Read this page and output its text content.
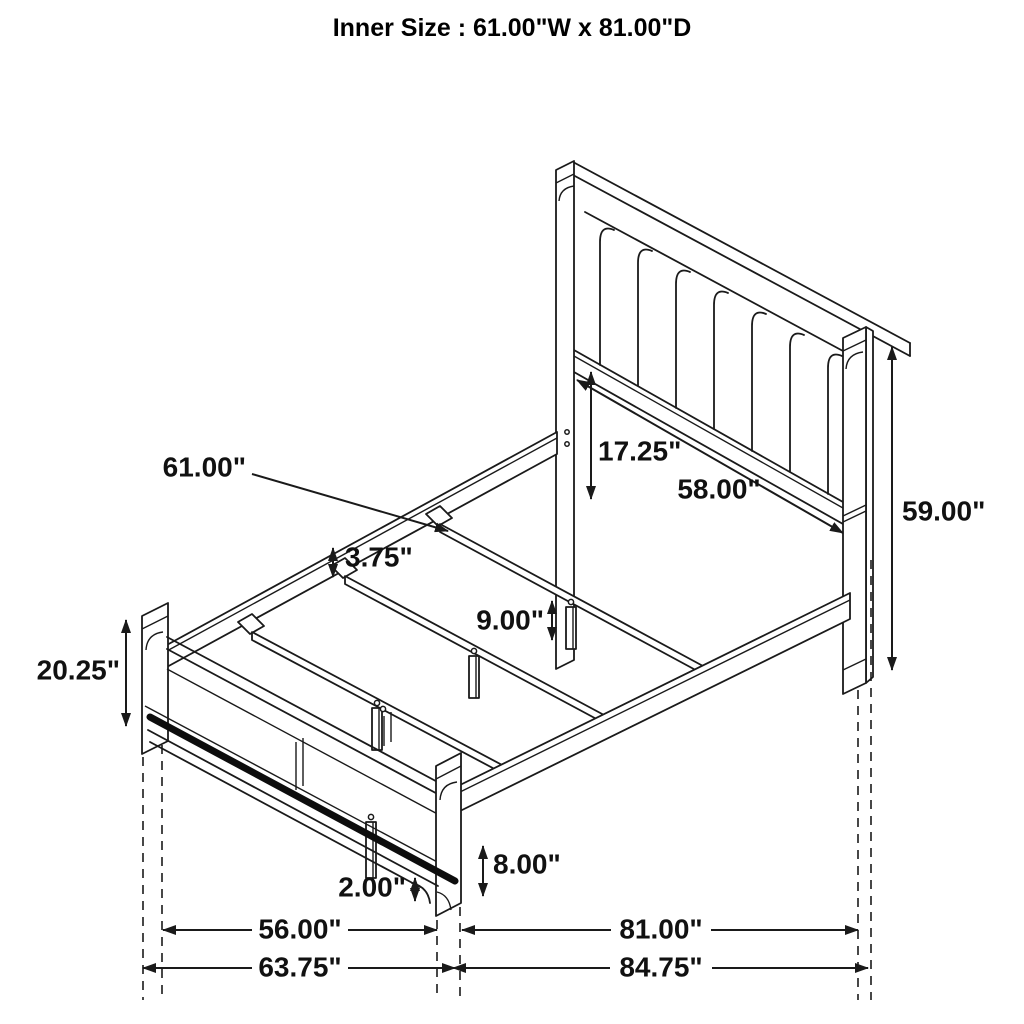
Inner Size : 61.00"W x 81.00"D
61.00"
17.25"
58.00"
59.00"
3.75"
9.00"
20.25"
8.00"
2.00"
56.00"	81.00"
63.75"	84.75"
